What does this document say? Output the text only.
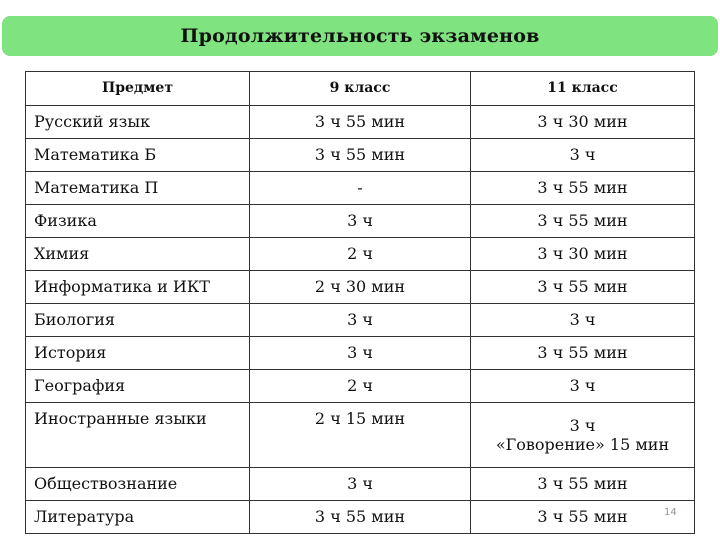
Продолжительность экзаменов
Предмет	9 класс	11 класс
Русский язык	3 ч 55 мин	3 ч 30 мин
Математика Б	3 ч 55 мин	3 ч
Математика П	-	3 ч 55 мин
Физика	3 ч	3 ч 55 мин
Химия	2 ч	3 ч 30 мин
Информатика и ИКТ	2 ч 30 мин	3 ч 55 мин
Биология	3 ч	3 ч
История	3 ч	3 ч 55 мин
География	2 ч	3 ч
Иностранные языки	2 ч 15 мин	3 ч
«Говорение» 15 мин

Обществознание	3 ч	3 ч 55 мин
Литература	3 ч 55 мин	3 ч 55 мин	14
